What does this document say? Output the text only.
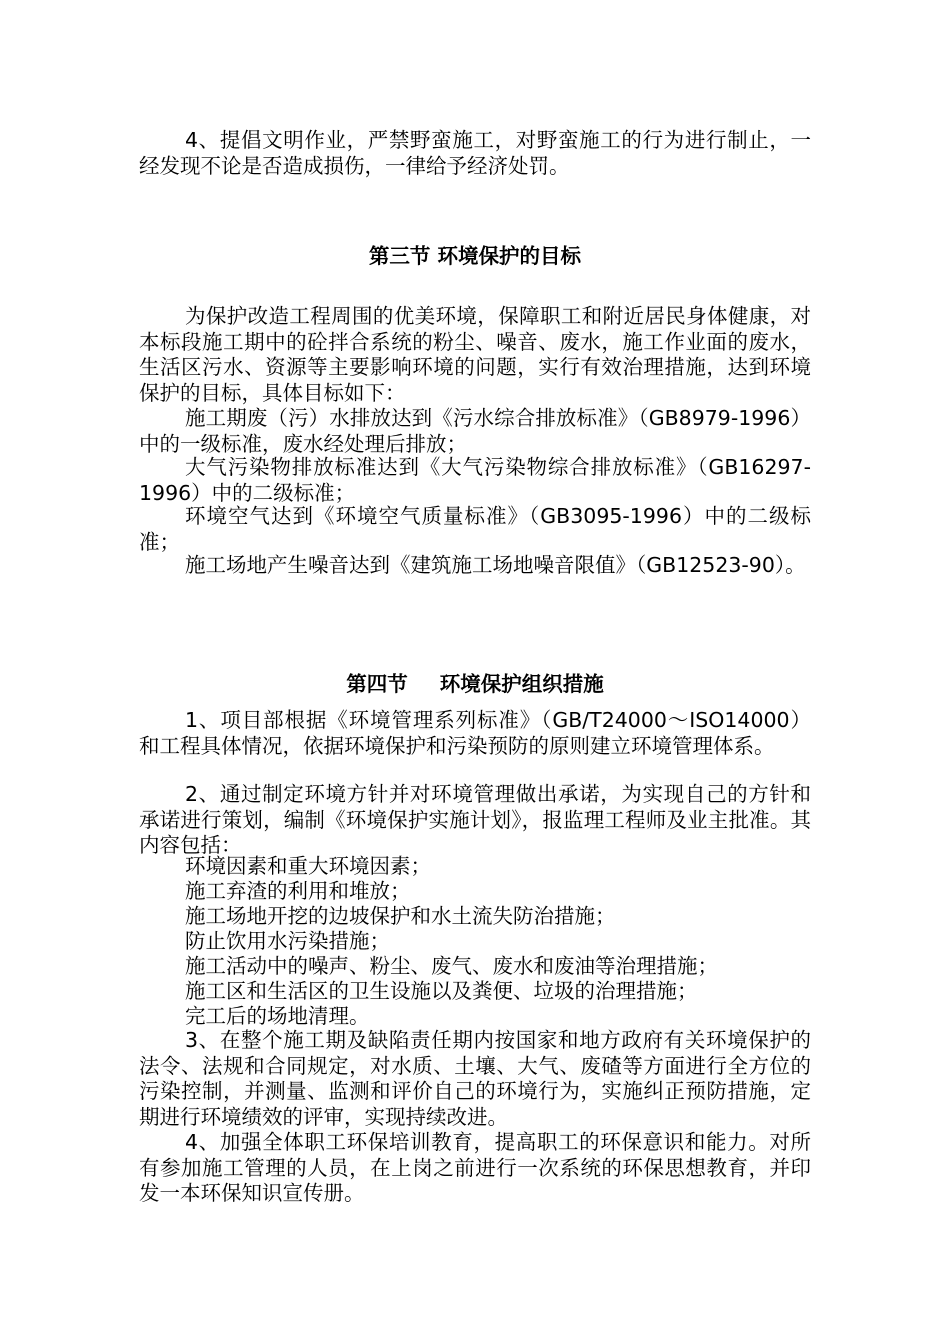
4、提倡文明作业，严禁野蛮施工，对野蛮施工的行为进行制止，一经发现不论是否造成损伤，一律给予经济处罚。
第三节 环境保护的目标
为保护改造工程周围的优美环境，保障职工和附近居民身体健康，对本标段施工期中的砼拌合系统的粉尘、噪音、废水，施工作业面的废水，生活区污水、资源等主要影响环境的问题，实行有效治理措施，达到环境保护的目标，具体目标如下：
施工期废（污）水排放达到《污水综合排放标准》（GB8979-1996）中的一级标准，废水经处理后排放；
大气污染物排放标准达到《大气污染物综合排放标准》（GB16297-1996）中的二级标准；
环境空气达到《环境空气质量标准》（GB3095-1996）中的二级标准；
施工场地产生噪音达到《建筑施工场地噪音限值》（GB12523-90）。
第四节 环境保护组织措施
1、项目部根据《环境管理系列标准》（GB/T24000～ISO14000）和工程具体情况，依据环境保护和污染预防的原则建立环境管理体系。
2、通过制定环境方针并对环境管理做出承诺，为实现自己的方针和承诺进行策划，编制《环境保护实施计划》，报监理工程师及业主批准。其内容包括：
环境因素和重大环境因素；
施工弃渣的利用和堆放；
施工场地开挖的边坡保护和水土流失防治措施；
防止饮用水污染措施；
施工活动中的噪声、粉尘、废气、废水和废油等治理措施；
施工区和生活区的卫生设施以及粪便、垃圾的治理措施；
完工后的场地清理。
3、在整个施工期及缺陷责任期内按国家和地方政府有关环境保护的法令、法规和合同规定，对水质、土壤、大气、废碴等方面进行全方位的污染控制，并测量、监测和评价自己的环境行为，实施纠正预防措施，定期进行环境绩效的评审，实现持续改进。
4、加强全体职工环保培训教育，提高职工的环保意识和能力。对所有参加施工管理的人员，在上岗之前进行一次系统的环保思想教育，并印发一本环保知识宣传册。
